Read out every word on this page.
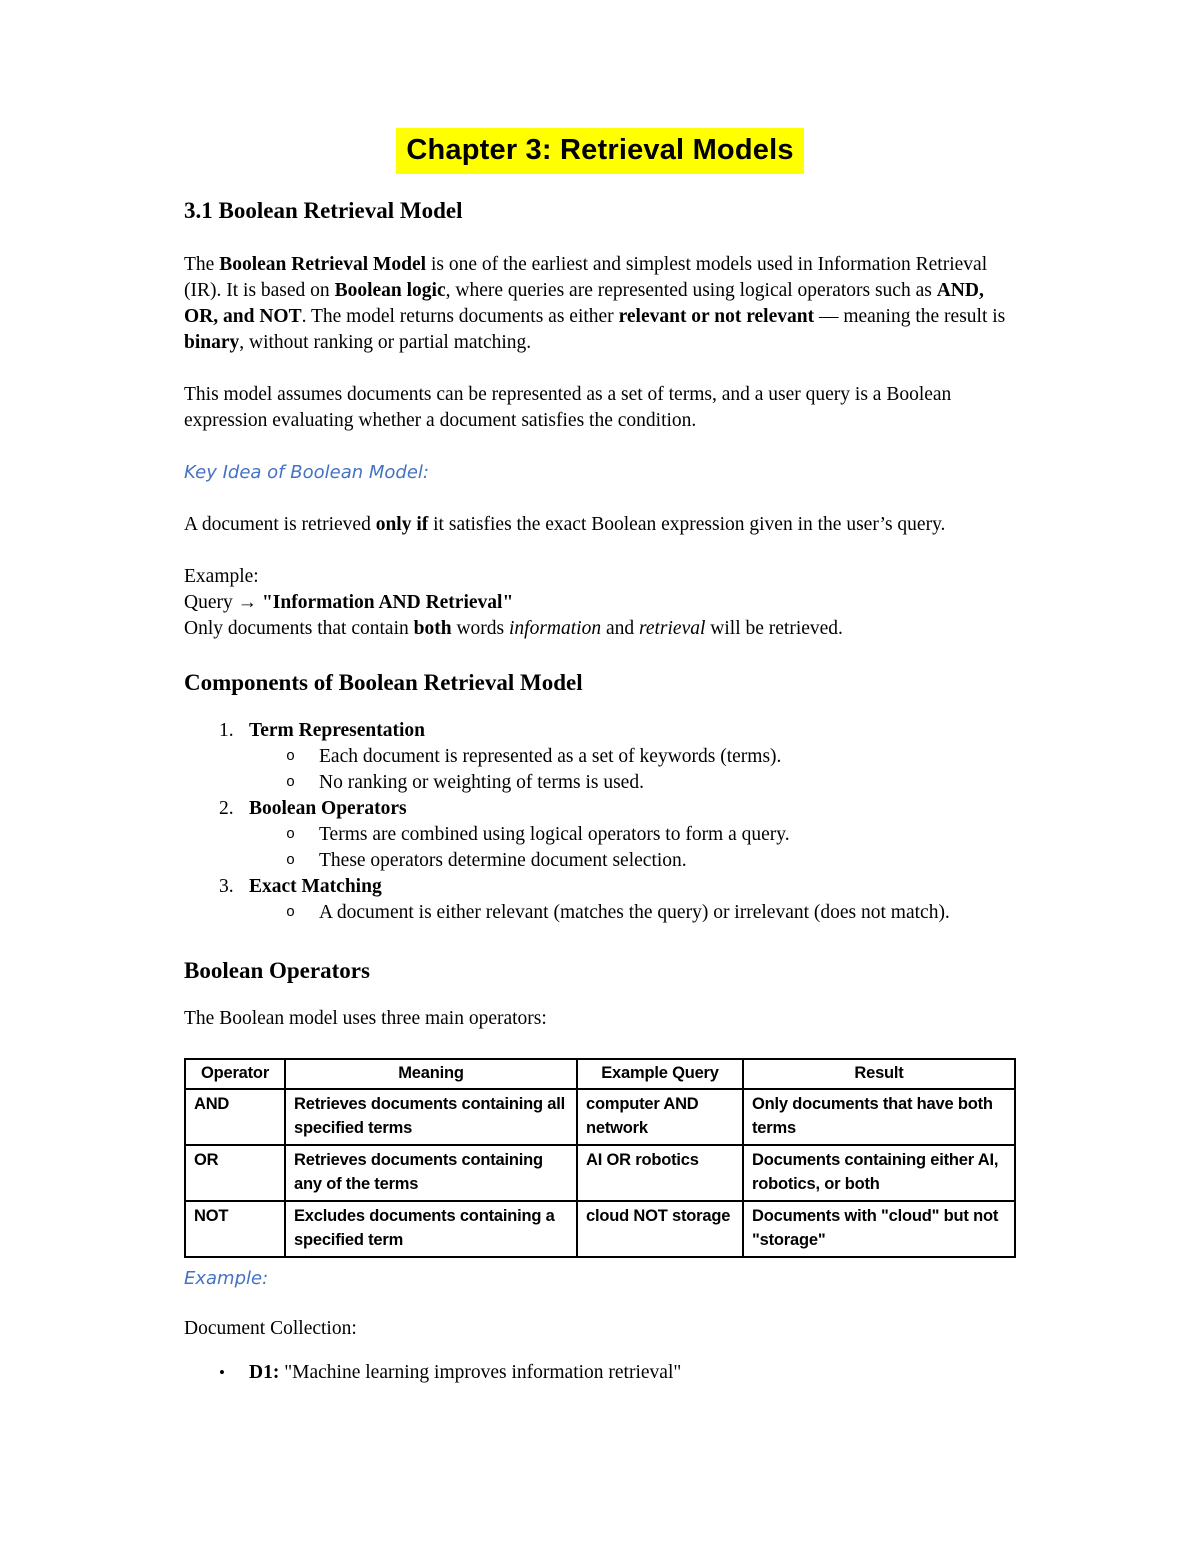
Chapter 3: Retrieval Models
3.1 Boolean Retrieval Model

The Boolean Retrieval Model is one of the earliest and simplest models used in Information Retrieval (IR). It is based on Boolean logic, where queries are represented using logical operators such as AND, OR, and NOT. The model returns documents as either relevant or not relevant — meaning the result is binary, without ranking or partial matching.

This model assumes documents can be represented as a set of terms, and a user query is a Boolean expression evaluating whether a document satisfies the condition.

Key Idea of Boolean Model:

A document is retrieved only if it satisfies the exact Boolean expression given in the user’s query.

Example:
Query → "Information AND Retrieval"
Only documents that contain both words information and retrieval will be retrieved.

Components of Boolean Retrieval Model
1. Term Representation
o	Each document is represented as a set of keywords (terms).
o	No ranking or weighting of terms is used.
2. Boolean Operators
o	Terms are combined using logical operators to form a query.
o	These operators determine document selection.
3. Exact Matching
o	A document is either relevant (matches the query) or irrelevant (does not match).
Boolean Operators

The Boolean model uses three main operators:

Operator	Meaning	Example Query	Result
AND	Retrieves documents containing all specified terms	computer AND network	Only documents that have both terms
OR	Retrieves documents containing any of the terms	AI OR robotics	Documents containing either AI, robotics, or both
NOT	Excludes documents containing a specified term	cloud NOT storage	Documents with "cloud" but not "storage"

Example:

Document Collection:

•	D1: "Machine learning improves information retrieval"
